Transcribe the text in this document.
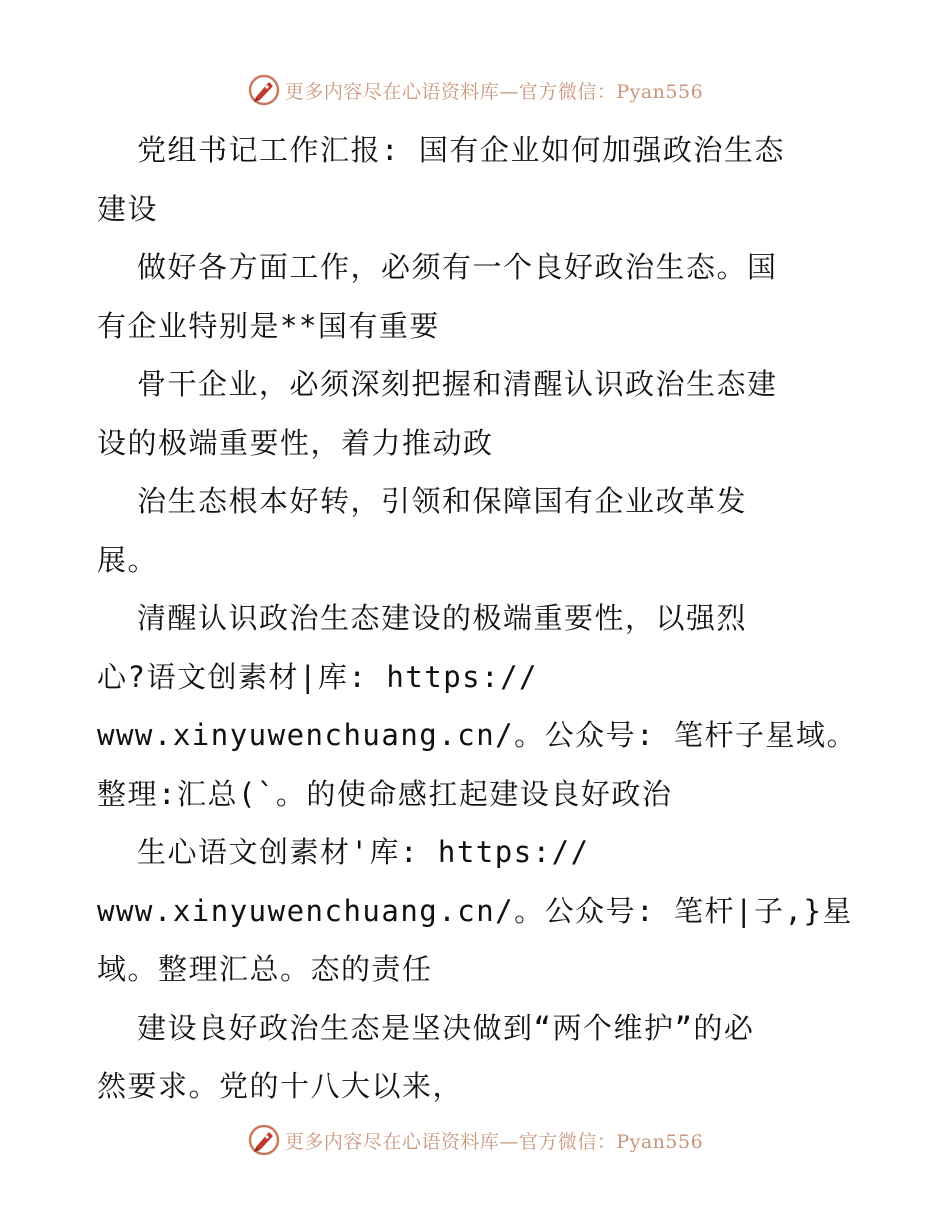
更多内容尽在心语资料库—官方微信：Pyan556
党组书记工作汇报: 国有企业如何加强政治生态
建设
做好各方面工作，必须有一个良好政治生态。国
有企业特别是**国有重要
骨干企业，必须深刻把握和清醒认识政治生态建
设的极端重要性，着力推动政
治生态根本好转，引领和保障国有企业改革发
展。
清醒认识政治生态建设的极端重要性，以强烈
心?语文创素材|库: https://
www.xinyuwenchuang.cn/。公众号: 笔杆子星域。
整理:汇总(`。的使命感扛起建设良好政治
生心语文创素材'库: https://
www.xinyuwenchuang.cn/。公众号: 笔杆|子,}星
域。整理汇总。态的责任
建设良好政治生态是坚决做到“两个维护”的必
然要求。党的十八大以来，
更多内容尽在心语资料库—官方微信：Pyan556
